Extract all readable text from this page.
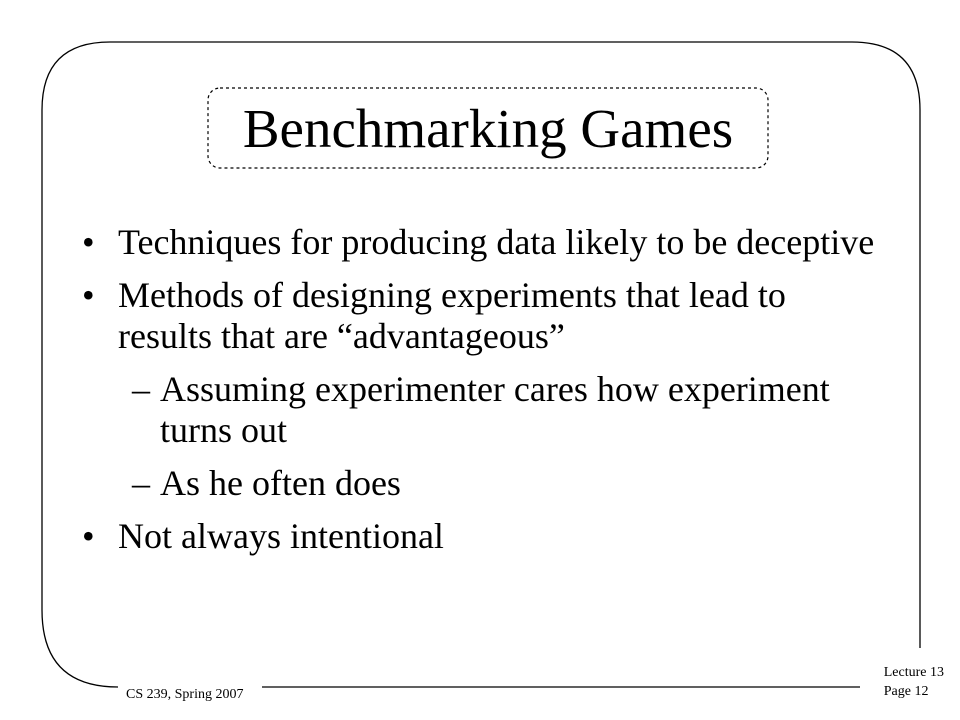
Benchmarking Games
• Techniques for producing data likely to be deceptive
• Methods of designing experiments that lead to results that are “advantageous”
– Assuming experimenter cares how experiment turns out
– As he often does
• Not always intentional
CS 239, Spring 2007
Lecture 13
Page 12
